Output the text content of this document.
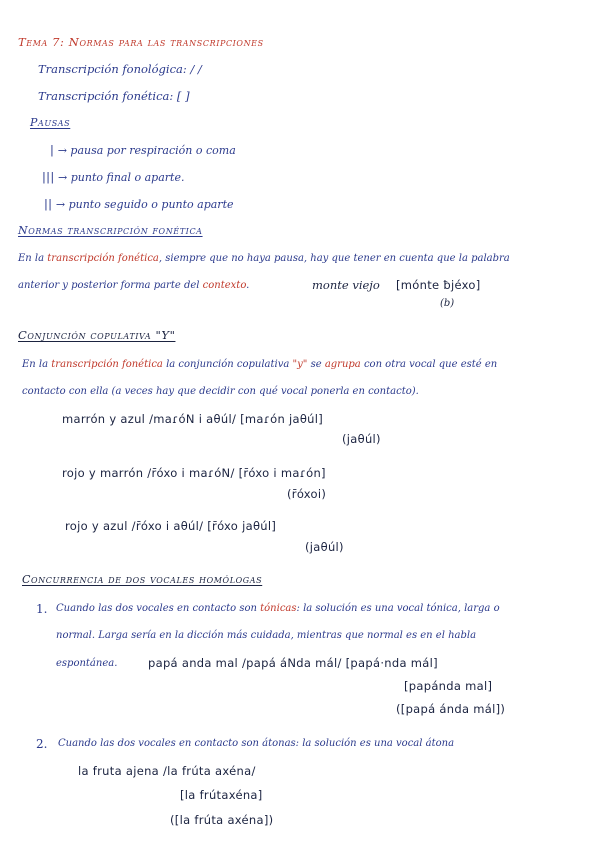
Tema 7: Normas para las transcripciones
Transcripción fonológica: / /
Transcripción fonética: [ ]
Pausas
| → pausa por respiración o coma
||| → punto final o aparte.
|| → punto seguido o punto aparte
Normas transcripción fonética
En la transcripción fonética, siempre que no haya pausa, hay que tener en cuenta que la palabra
anterior y posterior forma parte del contexto.	monte viejo [mónte ƀjéxo]
(b)
Conjunción copulativa "Y"
En la transcripción fonética la conjunción copulativa "y" se agrupa con otra vocal que esté en
contacto con ella (a veces hay que decidir con qué vocal ponerla en contacto).
marrón y azul /maɾóN i aθúl/ [maɾón jaθúl]
(jaθúl)
rojo y marrón /r̄óxo i maɾóN/ [r̄óxo i maɾón]
(r̄óxoi)
rojo y azul /r̄óxo i aθúl/ [r̄óxo jaθúl]
(jaθúl)
Concurrencia de dos vocales homólogas
1. Cuando las dos vocales en contacto son tónicas: la solución es una vocal tónica, larga o
normal. Larga sería en la dicción más cuidada, mientras que normal es en el habla
espontánea.	papá anda mal /papá áNda mál/ [papá·nda mál]
[papánda mal]
([papá ánda mál])
2. Cuando las dos vocales en contacto son átonas: la solución es una vocal átona
la fruta ajena /la frúta axéna/
[la frútaxéna]
([la frúta axéna])
